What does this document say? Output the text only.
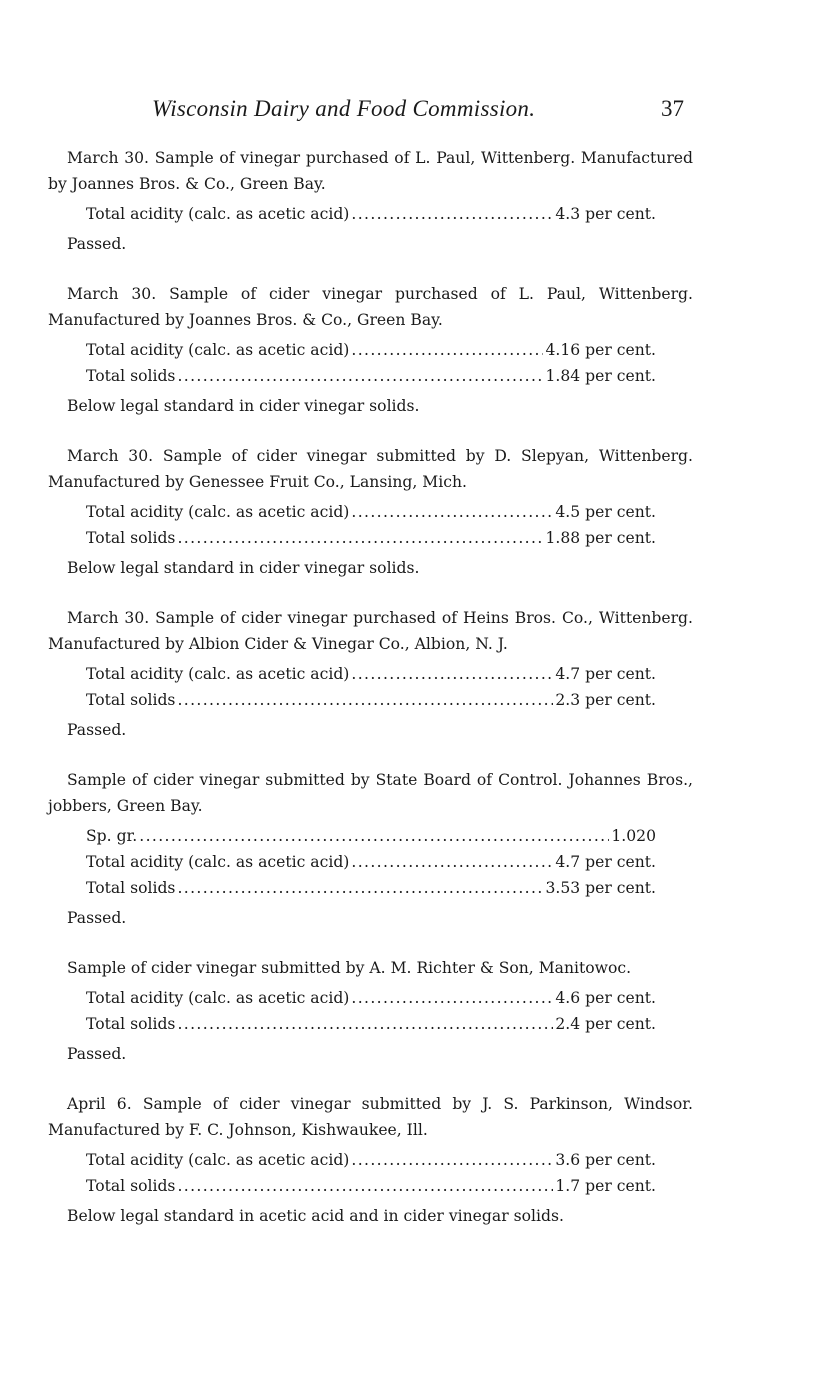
Wisconsin Dairy and Food Commission.	37

March 30. Sample of vinegar purchased of L. Paul, Wittenberg. Manufactured by Joannes Bros. & Co., Green Bay.

Total acidity (calc. as acetic acid) . . .	4.3 per cent.

Passed.

March 30. Sample of cider vinegar purchased of L. Paul, Wittenberg. Manufactured by Joannes Bros. & Co., Green Bay.

Total acidity (calc. as acetic acid) . . .	4.16 per cent.
Total solids . . .	1.84 per cent.

Below legal standard in cider vinegar solids.

March 30. Sample of cider vinegar submitted by D. Slepyan, Wittenberg. Manufactured by Genessee Fruit Co., Lansing, Mich.

Total acidity (calc. as acetic acid) . . .	4.5 per cent.
Total solids . . .	1.88 per cent.

Below legal standard in cider vinegar solids.

March 30. Sample of cider vinegar purchased of Heins Bros. Co., Wittenberg. Manufactured by Albion Cider & Vinegar Co., Albion, N. J.

Total acidity (calc. as acetic acid) . . .	4.7 per cent.
Total solids . . .	2.3 per cent.

Passed.

Sample of cider vinegar submitted by State Board of Control. Johannes Bros., jobbers, Green Bay.

Sp. gr. . . .	1.020
Total acidity (calc. as acetic acid) . . .	4.7 per cent.
Total solids . . .	3.53 per cent.

Passed.

Sample of cider vinegar submitted by A. M. Richter & Son, Manitowoc.

Total acidity (calc. as acetic acid) . . .	4.6 per cent.
Total solids . . .	2.4 per cent.

Passed.

April 6. Sample of cider vinegar submitted by J. S. Parkinson, Windsor. Manufactured by F. C. Johnson, Kishwaukee, Ill.

Total acidity (calc. as acetic acid) . . .	3.6 per cent.
Total solids . . .	1.7 per cent.

Below legal standard in acetic acid and in cider vinegar solids.
